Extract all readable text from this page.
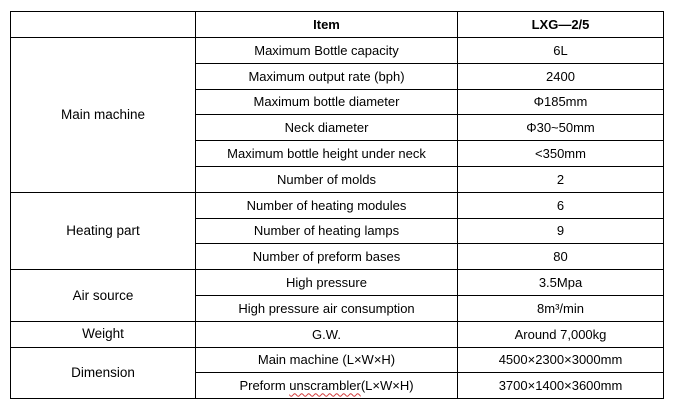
	Item	LXG—2/5
Main machine	Maximum Bottle capacity	6L
	Maximum output rate (bph)	2400
	Maximum bottle diameter	Φ185mm
	Neck diameter	Φ30~50mm
	Maximum bottle height under neck	<350mm
	Number of molds	2
Heating part	Number of heating modules	6
	Number of heating lamps	9
	Number of preform bases	80
Air source	High pressure	3.5Mpa
	High pressure air consumption	8m³/min
Weight	G.W.	Around 7,000kg
Dimension	Main machine (L×W×H)	4500×2300×3000mm
	Preform unscrambler(L×W×H)	3700×1400×3600mm
